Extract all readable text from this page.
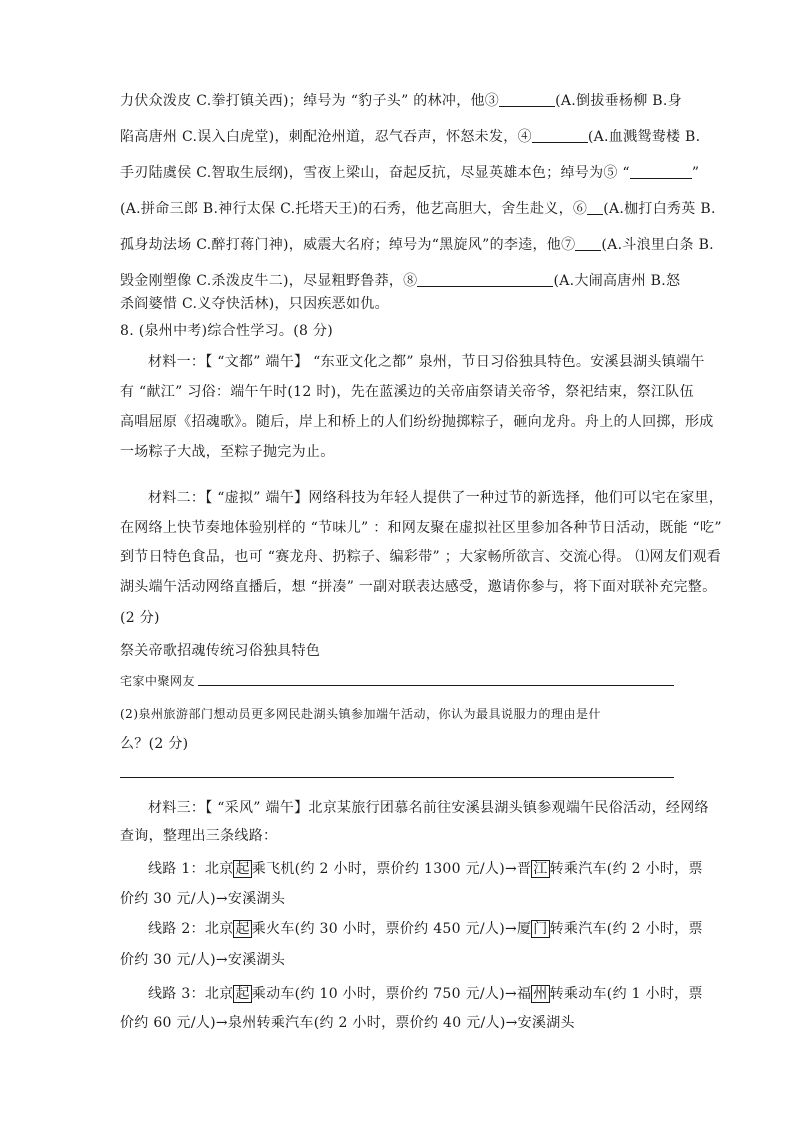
力伏众泼皮 C.拳打镇关西)；绰号为 “豹子头” 的林冲，他③	(A.倒拔垂杨柳 B.身
陷高唐州 C.误入白虎堂)，刺配沧州道，忍气吞声，怀怒未发，④	(A.血溅鸳鸯楼 B.
手刃陆虞侯 C.智取生辰纲)，雪夜上梁山，奋起反抗，尽显英雄本色；绰号为⑤ “	”
(A.拼命三郎 B.神行太保 C.托塔天王)的石秀，他艺高胆大，舍生赴义，⑥ (A.枷打白秀英 B.
孤身劫法场 C.醉打蒋门神)，威震大名府；绰号为“黑旋风”的李逵，他⑦ (A.斗浪里白条 B.
毁金刚塑像 C.杀泼皮牛二)，尽显粗野鲁莽，⑧	(A.大闹高唐州 B.怒
杀阎婆惜 C.义夺快活林)，只因疾恶如仇。
8. (泉州中考)综合性学习。(8 分)
材料一：【 “文都” 端午】 “东亚文化之都” 泉州，节日习俗独具特色。安溪县湖头镇端午
有 “献江” 习俗：端午午时(12 时)，先在蓝溪边的关帝庙祭请关帝爷，祭祀结束，祭江队伍
高唱屈原《招魂歌》。随后，岸上和桥上的人们纷纷抛掷粽子，砸向龙舟。舟上的人回掷，形成
一场粽子大战，至粽子抛完为止。
材料二：【 “虚拟” 端午】网络科技为年轻人提供了一种过节的新选择，他们可以宅在家里，
在网络上快节奏地体验别样的 “节味儿” ：和网友聚在虚拟社区里参加各种节日活动，既能 “吃”
到节日特色食品，也可 “赛龙舟、扔粽子、编彩带” ；大家畅所欲言、交流心得。 ⑴网友们观看
湖头端午活动网络直播后，想 “拼凑” 一副对联表达感受，邀请你参与，将下面对联补充完整。
(2 分)
祭关帝歌招魂传统习俗独具特色
宅家中聚网友
(2)泉州旅游部门想动员更多网民赴湖头镇参加端午活动，你认为最具说服力的理由是什
么？(2 分)
材料三：【 “采风” 端午】北京某旅行团慕名前往安溪县湖头镇参观端午民俗活动，经网络
查询，整理出三条线路：
线路 1：北京 起 乘飞机(约 2 小时，票价约 1300 元/人)→晋 江 转乘汽车(约 2 小时，票
价约 30 元/人)→安溪湖头
线路 2：北京 起 乘火车(约 30 小时，票价约 450 元/人)→厦 门 转乘汽车(约 2 小时，票
价约 30 元/人)→安溪湖头
线路 3：北京 起 乘动车(约 10 小时，票价约 750 元/人)→福 州 转乘动车(约 1 小时，票
价约 60 元/人)→泉州转乘汽车(约 2 小时，票价约 40 元/人)→安溪湖头
